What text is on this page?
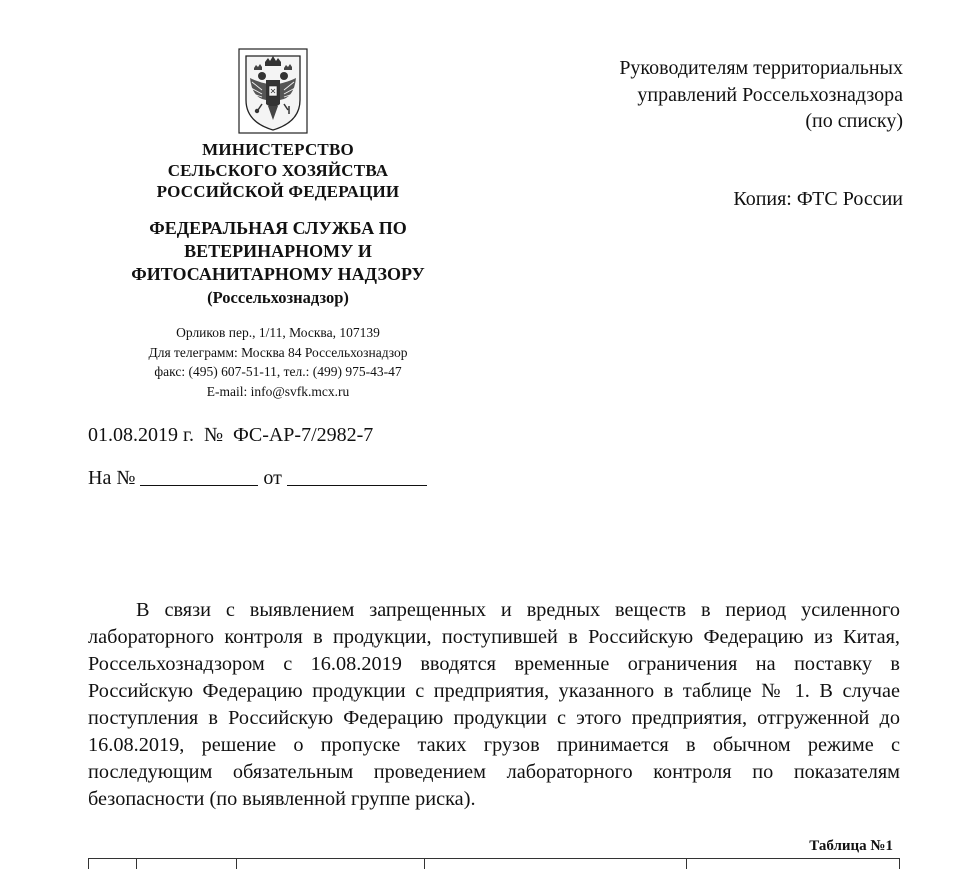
МИНИСТЕРСТВО
СЕЛЬСКОГО ХОЗЯЙСТВА
РОССИЙСКОЙ ФЕДЕРАЦИИ
ФЕДЕРАЛЬНАЯ СЛУЖБА ПО
ВЕТЕРИНАРНОМУ И
ФИТОСАНИТАРНОМУ НАДЗОРУ
(Россельхознадзор)
Орликов пер., 1/11, Москва, 107139
Для телеграмм: Москва 84 Россельхознадзор
факс: (495) 607-51-11, тел.: (499) 975-43-47
E-mail: info@svfk.mcx.ru
Руководителям территориальных
управлений Россельхознадзора
(по списку)
Копия: ФТС России
01.08.2019 г. № ФС-АР-7/2982-7
На №	от

В связи с выявлением запрещенных и вредных веществ в период усиленного лабораторного контроля в продукции, поступившей в Российскую Федерацию из Китая, Россельхознадзором с 16.08.2019 вводятся временные ограничения на поставку в Российскую Федерацию продукции с предприятия, указанного в таблице № 1. В случае поступления в Российскую Федерацию продукции с этого предприятия, отгруженной до 16.08.2019, решение о пропуске таких грузов принимается в обычном режиме с последующим обязательным проведением лабораторного контроля по показателям безопасности (по выявленной группе риска).

Таблица №1
